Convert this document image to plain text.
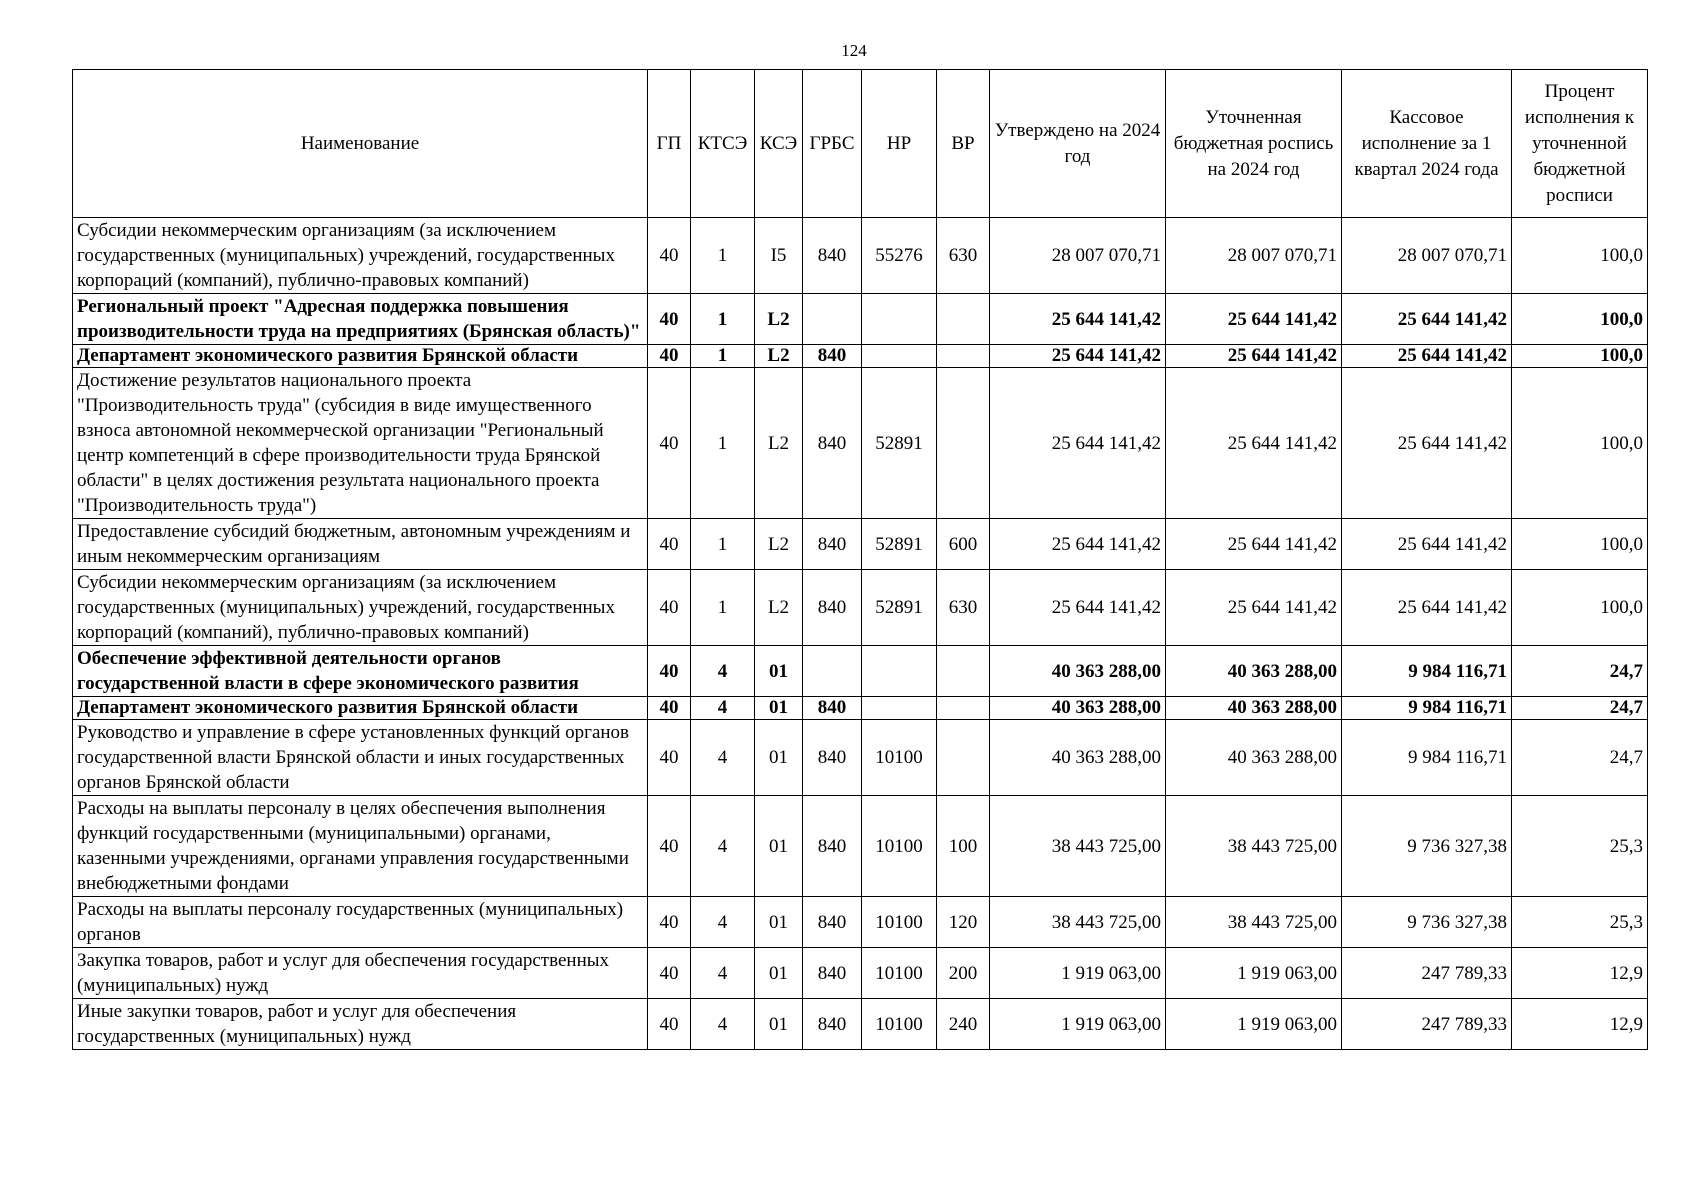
124
Наименование	ГП	КТСЭ	КСЭ	ГРБС	НР	ВР	Утверждено на 2024 год	Уточненная бюджетная роспись на 2024 год	Кассовое исполнение за 1 квартал 2024 года	Процент исполнения к уточненной бюджетной росписи
Субсидии некоммерческим организациям (за исключением государственных (муниципальных) учреждений, государственных корпораций (компаний), публично-правовых компаний)	40	1	I5	840	55276	630	28 007 070,71	28 007 070,71	28 007 070,71	100,0
Региональный проект "Адресная поддержка повышения производительности труда на предприятиях (Брянская область)"	40	1	L2				25 644 141,42	25 644 141,42	25 644 141,42	100,0
Департамент экономического развития Брянской области	40	1	L2	840			25 644 141,42	25 644 141,42	25 644 141,42	100,0
Достижение результатов национального проекта "Производительность труда" (субсидия в виде имущественного взноса автономной некоммерческой организации "Региональный центр компетенций в сфере производительности труда Брянской области" в целях достижения результата национального проекта "Производительность труда")	40	1	L2	840	52891		25 644 141,42	25 644 141,42	25 644 141,42	100,0
Предоставление субсидий бюджетным, автономным учреждениям и иным некоммерческим организациям	40	1	L2	840	52891	600	25 644 141,42	25 644 141,42	25 644 141,42	100,0
Субсидии некоммерческим организациям (за исключением государственных (муниципальных) учреждений, государственных корпораций (компаний), публично-правовых компаний)	40	1	L2	840	52891	630	25 644 141,42	25 644 141,42	25 644 141,42	100,0
Обеспечение эффективной деятельности органов государственной власти в сфере экономического развития	40	4	01				40 363 288,00	40 363 288,00	9 984 116,71	24,7
Департамент экономического развития Брянской области	40	4	01	840			40 363 288,00	40 363 288,00	9 984 116,71	24,7
Руководство и управление в сфере установленных функций органов государственной власти Брянской области и иных государственных органов Брянской области	40	4	01	840	10100		40 363 288,00	40 363 288,00	9 984 116,71	24,7
Расходы на выплаты персоналу в целях обеспечения выполнения функций государственными (муниципальными) органами, казенными учреждениями, органами управления государственными внебюджетными фондами	40	4	01	840	10100	100	38 443 725,00	38 443 725,00	9 736 327,38	25,3
Расходы на выплаты персоналу государственных (муниципальных) органов	40	4	01	840	10100	120	38 443 725,00	38 443 725,00	9 736 327,38	25,3
Закупка товаров, работ и услуг для обеспечения государственных (муниципальных) нужд	40	4	01	840	10100	200	1 919 063,00	1 919 063,00	247 789,33	12,9
Иные закупки товаров, работ и услуг для обеспечения государственных (муниципальных) нужд	40	4	01	840	10100	240	1 919 063,00	1 919 063,00	247 789,33	12,9
